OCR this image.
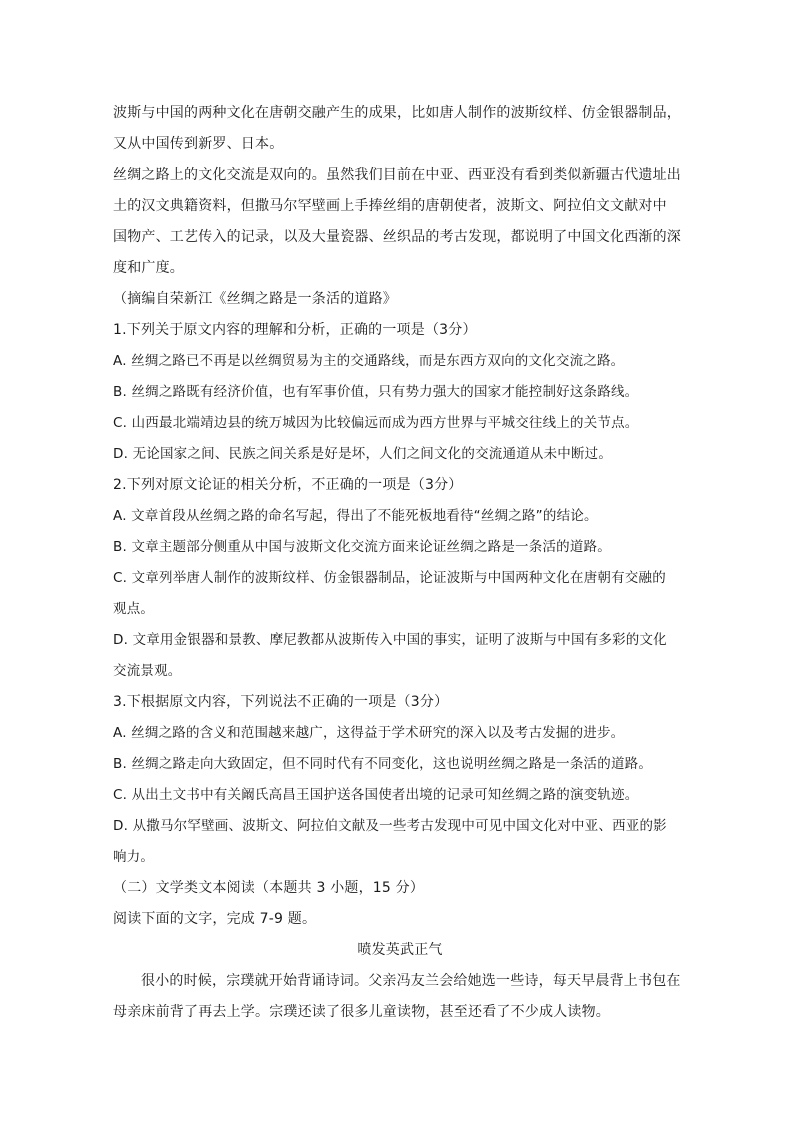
波斯与中国的两种文化在唐朝交融产生的成果，比如唐人制作的波斯纹样、仿金银器制品，
又从中国传到新罗、日本。
丝绸之路上的文化交流是双向的。虽然我们目前在中亚、西亚没有看到类似新疆古代遗址出
土的汉文典籍资料，但撒马尔罕壁画上手捧丝绢的唐朝使者，波斯文、阿拉伯文文献对中
国物产、工艺传入的记录，以及大量瓷器、丝织品的考古发现，都说明了中国文化西渐的深
度和广度。
（摘编自荣新江《丝绸之路是一条活的道路》
1.下列关于原文内容的理解和分析，正确的一项是（3分）
A. 丝绸之路已不再是以丝绸贸易为主的交通路线，而是东西方双向的文化交流之路。
B. 丝绸之路既有经济价值，也有军事价值，只有势力强大的国家才能控制好这条路线。
C. 山西最北端靖边县的统万城因为比较偏远而成为西方世界与平城交往线上的关节点。
D. 无论国家之间、民族之间关系是好是坏，人们之间文化的交流通道从未中断过。
2.下列对原文论证的相关分析，不正确的一项是（3分）
A. 文章首段从丝绸之路的命名写起，得出了不能死板地看待“丝绸之路”的结论。
B. 文章主题部分侧重从中国与波斯文化交流方面来论证丝绸之路是一条活的道路。
C. 文章列举唐人制作的波斯纹样、仿金银器制品，论证波斯与中国两种文化在唐朝有交融的
观点。
D. 文章用金银器和景教、摩尼教都从波斯传入中国的事实，证明了波斯与中国有多彩的文化
交流景观。
3.下根据原文内容，下列说法不正确的一项是（3分）
A. 丝绸之路的含义和范围越来越广，这得益于学术研究的深入以及考古发掘的进步。
B. 丝绸之路走向大致固定，但不同时代有不同变化，这也说明丝绸之路是一条活的道路。
C. 从出土文书中有关阚氏高昌王国护送各国使者出境的记录可知丝绸之路的演变轨迹。
D. 从撒马尔罕壁画、波斯文、阿拉伯文献及一些考古发现中可见中国文化对中亚、西亚的影
响力。
（二）文学类文本阅读（本题共 3 小题，15 分）
阅读下面的文字，完成 7-9 题。
喷发英武正气
很小的时候，宗璞就开始背诵诗词。父亲冯友兰会给她选一些诗，每天早晨背上书包在
母亲床前背了再去上学。宗璞还读了很多儿童读物，甚至还看了不少成人读物。
